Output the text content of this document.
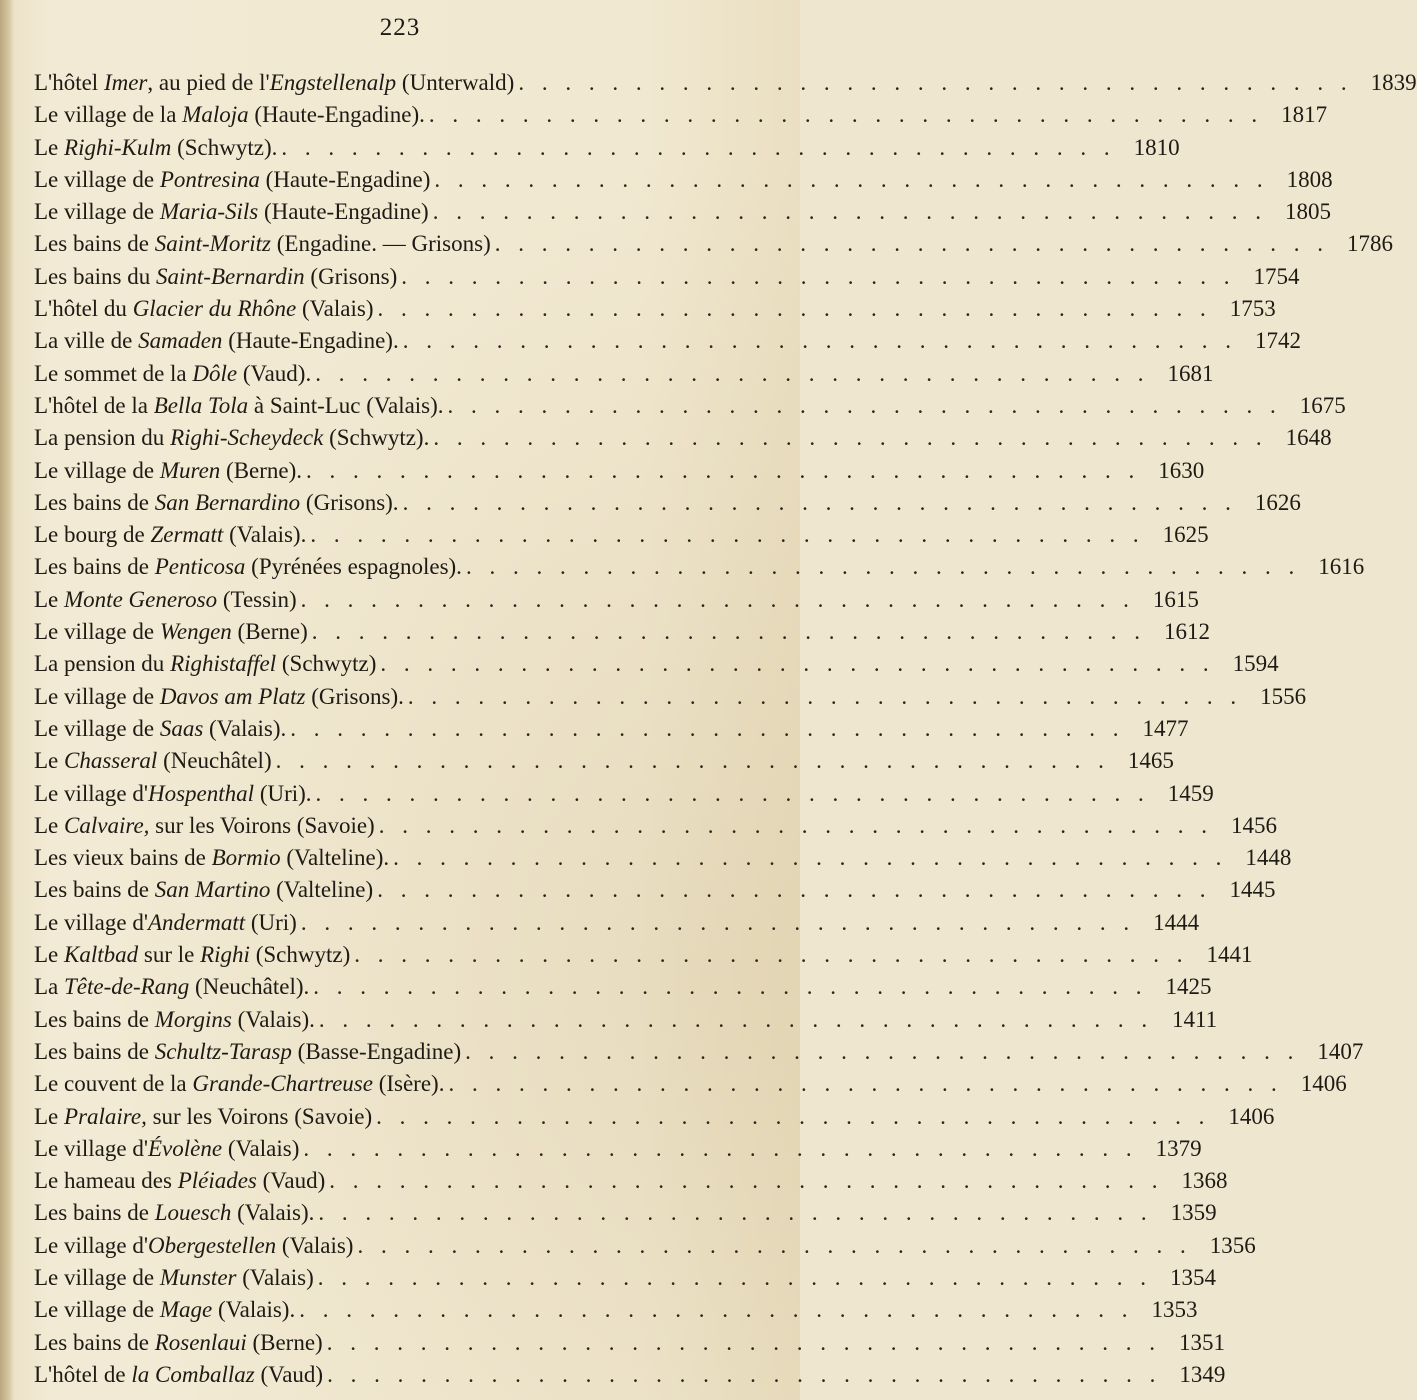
223
L'hôtel Imer, au pied de l'Engstellenalp (Unterwald) . . . . . . . . . . . . . . . . . . . . . . . . . . . . . . . . . . . . 1839
Le village de la Maloja (Haute-Engadine). . . . . . . . . . . . . . . . . . . . . . . . . . . . . . . . . . . . . 1817
Le Righi-Kulm (Schwytz). . . . . . . . . . . . . . . . . . . . . . . . . . . . . . . . . . . . . 1810
Le village de Pontresina (Haute-Engadine) . . . . . . . . . . . . . . . . . . . . . . . . . . . . . . . . . . . . 1808
Le village de Maria-Sils (Haute-Engadine) . . . . . . . . . . . . . . . . . . . . . . . . . . . . . . . . . . . . 1805
Les bains de Saint-Moritz (Engadine. — Grisons) . . . . . . . . . . . . . . . . . . . . . . . . . . . . . . . . . . . . 1786
Les bains du Saint-Bernardin (Grisons) . . . . . . . . . . . . . . . . . . . . . . . . . . . . . . . . . . . . 1754
L'hôtel du Glacier du Rhône (Valais) . . . . . . . . . . . . . . . . . . . . . . . . . . . . . . . . . . . . 1753
La ville de Samaden (Haute-Engadine). . . . . . . . . . . . . . . . . . . . . . . . . . . . . . . . . . . . . 1742
Le sommet de la Dôle (Vaud). . . . . . . . . . . . . . . . . . . . . . . . . . . . . . . . . . . . . 1681
L'hôtel de la Bella Tola à Saint-Luc (Valais). . . . . . . . . . . . . . . . . . . . . . . . . . . . . . . . . . . . . 1675
La pension du Righi-Scheydeck (Schwytz). . . . . . . . . . . . . . . . . . . . . . . . . . . . . . . . . . . . . 1648
Le village de Muren (Berne). . . . . . . . . . . . . . . . . . . . . . . . . . . . . . . . . . . . . 1630
Les bains de San Bernardino (Grisons). . . . . . . . . . . . . . . . . . . . . . . . . . . . . . . . . . . . . 1626
Le bourg de Zermatt (Valais). . . . . . . . . . . . . . . . . . . . . . . . . . . . . . . . . . . . . 1625
Les bains de Penticosa (Pyrénées espagnoles). . . . . . . . . . . . . . . . . . . . . . . . . . . . . . . . . . . . . 1616
Le Monte Generoso (Tessin) . . . . . . . . . . . . . . . . . . . . . . . . . . . . . . . . . . . . 1615
Le village de Wengen (Berne) . . . . . . . . . . . . . . . . . . . . . . . . . . . . . . . . . . . . 1612
La pension du Righistaffel (Schwytz) . . . . . . . . . . . . . . . . . . . . . . . . . . . . . . . . . . . . 1594
Le village de Davos am Platz (Grisons). . . . . . . . . . . . . . . . . . . . . . . . . . . . . . . . . . . . . 1556
Le village de Saas (Valais). . . . . . . . . . . . . . . . . . . . . . . . . . . . . . . . . . . . . 1477
Le Chasseral (Neuchâtel) . . . . . . . . . . . . . . . . . . . . . . . . . . . . . . . . . . . . 1465
Le village d'Hospenthal (Uri). . . . . . . . . . . . . . . . . . . . . . . . . . . . . . . . . . . . . 1459
Le Calvaire, sur les Voirons (Savoie) . . . . . . . . . . . . . . . . . . . . . . . . . . . . . . . . . . . . 1456
Les vieux bains de Bormio (Valteline). . . . . . . . . . . . . . . . . . . . . . . . . . . . . . . . . . . . . 1448
Les bains de San Martino (Valteline) . . . . . . . . . . . . . . . . . . . . . . . . . . . . . . . . . . . . 1445
Le village d'Andermatt (Uri) . . . . . . . . . . . . . . . . . . . . . . . . . . . . . . . . . . . . 1444
Le Kaltbad sur le Righi (Schwytz) . . . . . . . . . . . . . . . . . . . . . . . . . . . . . . . . . . . . 1441
La Tête-de-Rang (Neuchâtel). . . . . . . . . . . . . . . . . . . . . . . . . . . . . . . . . . . . . 1425
Les bains de Morgins (Valais). . . . . . . . . . . . . . . . . . . . . . . . . . . . . . . . . . . . . 1411
Les bains de Schultz-Tarasp (Basse-Engadine) . . . . . . . . . . . . . . . . . . . . . . . . . . . . . . . . . . . . 1407
Le couvent de la Grande-Chartreuse (Isère). . . . . . . . . . . . . . . . . . . . . . . . . . . . . . . . . . . . . 1406
Le Pralaire, sur les Voirons (Savoie) . . . . . . . . . . . . . . . . . . . . . . . . . . . . . . . . . . . . 1406
Le village d'Évolène (Valais) . . . . . . . . . . . . . . . . . . . . . . . . . . . . . . . . . . . . 1379
Le hameau des Pléiades (Vaud) . . . . . . . . . . . . . . . . . . . . . . . . . . . . . . . . . . . . 1368
Les bains de Louesch (Valais). . . . . . . . . . . . . . . . . . . . . . . . . . . . . . . . . . . . . 1359
Le village d'Obergestellen (Valais) . . . . . . . . . . . . . . . . . . . . . . . . . . . . . . . . . . . . 1356
Le village de Munster (Valais) . . . . . . . . . . . . . . . . . . . . . . . . . . . . . . . . . . . . 1354
Le village de Mage (Valais). . . . . . . . . . . . . . . . . . . . . . . . . . . . . . . . . . . . . 1353
Les bains de Rosenlaui (Berne) . . . . . . . . . . . . . . . . . . . . . . . . . . . . . . . . . . . . 1351
L'hôtel de la Comballaz (Vaud) . . . . . . . . . . . . . . . . . . . . . . . . . . . . . . . . . . . . 1349
